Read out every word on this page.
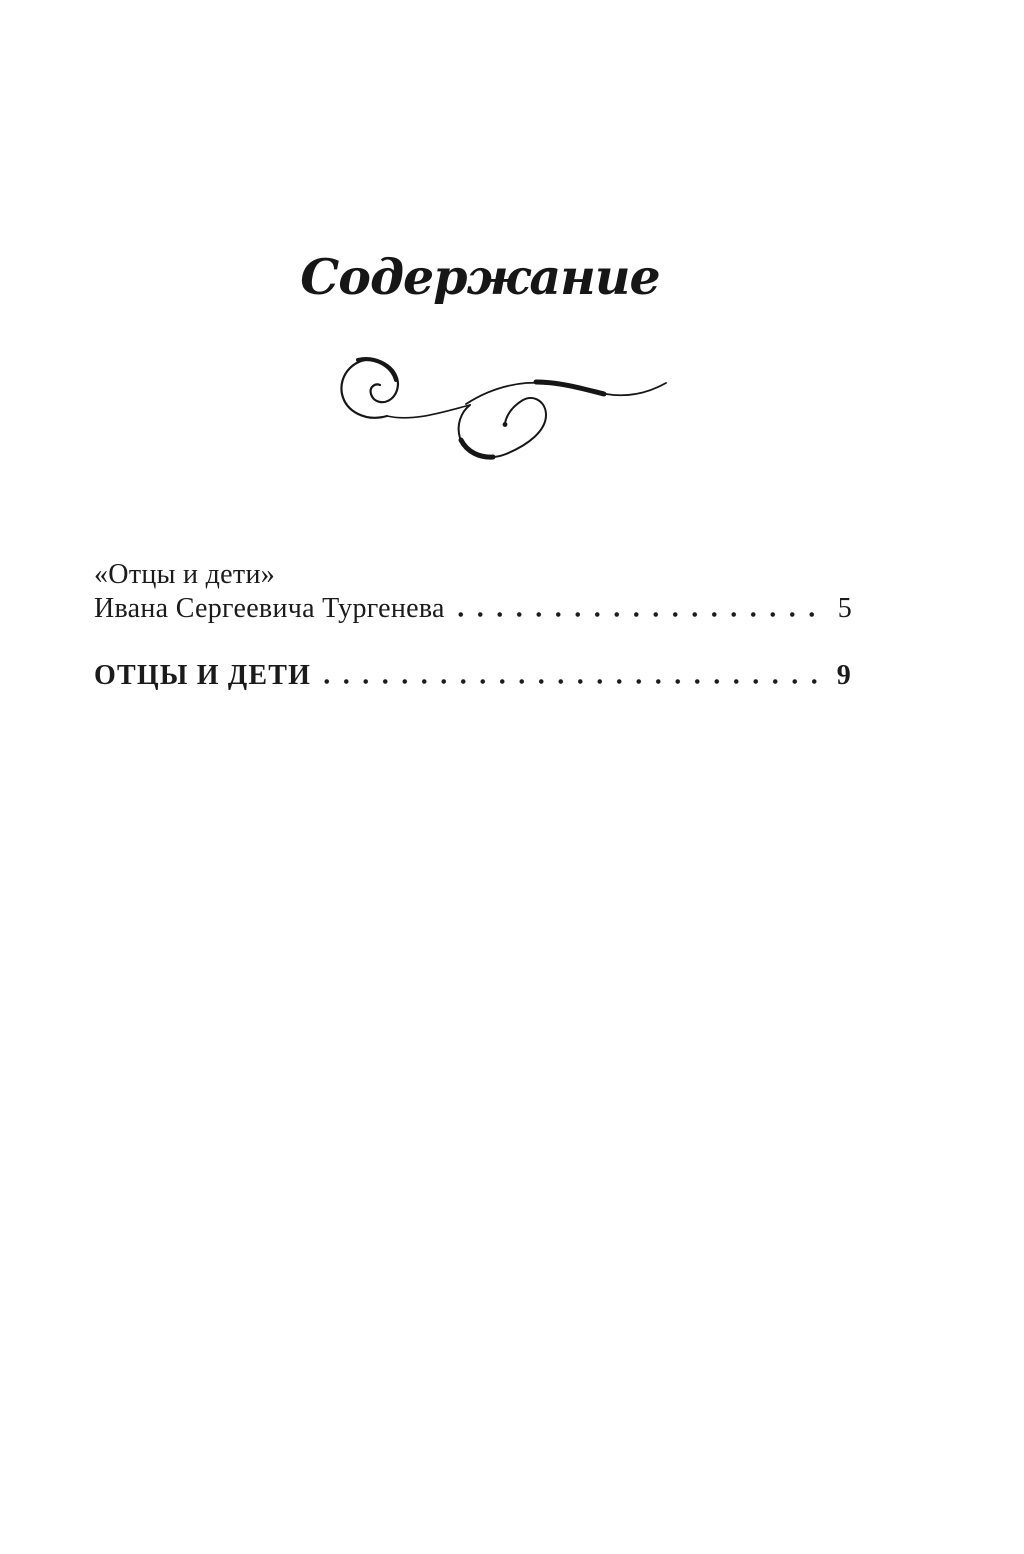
Содержание
«Отцы и дети»
Ивана Сергеевича Тургенева	5
ОТЦЫ И ДЕТИ	9
